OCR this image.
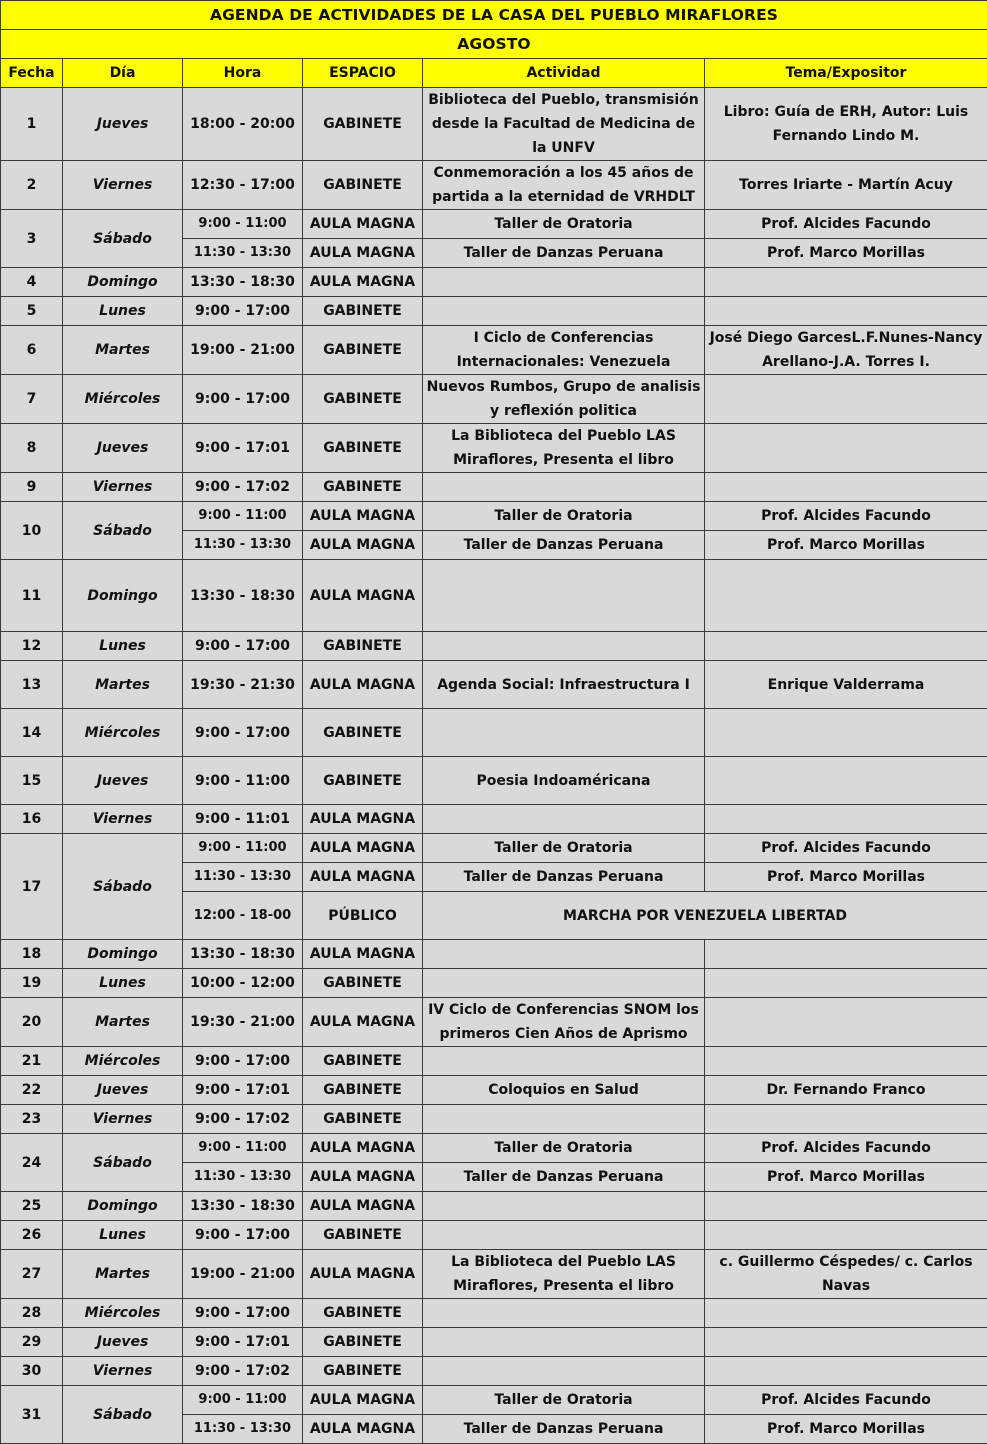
AGENDA DE ACTIVIDADES DE LA CASA DEL PUEBLO MIRAFLORES					
AGOSTO					
Fecha	Día	Hora	ESPACIO	Actividad	Tema/Expositor
1	Jueves	18:00 - 20:00	GABINETE	Biblioteca del Pueblo, transmisión desde la Facultad de Medicina de la UNFV	Libro: Guía de ERH, Autor: Luis Fernando Lindo M.
2	Viernes	12:30 - 17:00	GABINETE	Conmemoración a los 45 años de partida a la eternidad de VRHDLT	Torres Iriarte - Martín Acuy
3	Sábado	9:00 - 11:00	AULA MAGNA	Taller de Oratoria	Prof. Alcides Facundo
		11:30 - 13:30	AULA MAGNA	Taller de Danzas Peruana	Prof. Marco Morillas
4	Domingo	13:30 - 18:30	AULA MAGNA		
5	Lunes	9:00 - 17:00	GABINETE		
6	Martes	19:00 - 21:00	GABINETE	I Ciclo de Conferencias Internacionales: Venezuela	José Diego GarcesL.F.Nunes-Nancy Arellano-J.A. Torres I.
7	Miércoles	9:00 - 17:00	GABINETE	Nuevos Rumbos, Grupo de analisis y reflexión politica	
8	Jueves	9:00 - 17:01	GABINETE	La Biblioteca del Pueblo LAS Miraflores, Presenta el libro	
9	Viernes	9:00 - 17:02	GABINETE		
10	Sábado	9:00 - 11:00	AULA MAGNA	Taller de Oratoria	Prof. Alcides Facundo
		11:30 - 13:30	AULA MAGNA	Taller de Danzas Peruana	Prof. Marco Morillas
11	Domingo	13:30 - 18:30	AULA MAGNA		
12	Lunes	9:00 - 17:00	GABINETE		
13	Martes	19:30 - 21:30	AULA MAGNA	Agenda Social: Infraestructura I	Enrique Valderrama
14	Miércoles	9:00 - 17:00	GABINETE		
15	Jueves	9:00 - 11:00	GABINETE	Poesia Indoaméricana	
16	Viernes	9:00 - 11:01	AULA MAGNA		
17	Sábado	9:00 - 11:00	AULA MAGNA	Taller de Oratoria	Prof. Alcides Facundo
		11:30 - 13:30	AULA MAGNA	Taller de Danzas Peruana	Prof. Marco Morillas
		12:00 - 18-00	PÚBLICO	MARCHA POR VENEZUELA LIBERTAD	
18	Domingo	13:30 - 18:30	AULA MAGNA		
19	Lunes	10:00 - 12:00	GABINETE		
20	Martes	19:30 - 21:00	AULA MAGNA	IV Ciclo de Conferencias SNOM los primeros Cien Años de Aprismo	
21	Miércoles	9:00 - 17:00	GABINETE		
22	Jueves	9:00 - 17:01	GABINETE	Coloquios en Salud	Dr. Fernando Franco
23	Viernes	9:00 - 17:02	GABINETE		
24	Sábado	9:00 - 11:00	AULA MAGNA	Taller de Oratoria	Prof. Alcides Facundo
		11:30 - 13:30	AULA MAGNA	Taller de Danzas Peruana	Prof. Marco Morillas
25	Domingo	13:30 - 18:30	AULA MAGNA		
26	Lunes	9:00 - 17:00	GABINETE		
27	Martes	19:00 - 21:00	AULA MAGNA	La Biblioteca del Pueblo LAS Miraflores, Presenta el libro	c. Guillermo Céspedes/ c. Carlos Navas
28	Miércoles	9:00 - 17:00	GABINETE		
29	Jueves	9:00 - 17:01	GABINETE		
30	Viernes	9:00 - 17:02	GABINETE		
31	Sábado	9:00 - 11:00	AULA MAGNA	Taller de Oratoria	Prof. Alcides Facundo
		11:30 - 13:30	AULA MAGNA	Taller de Danzas Peruana	Prof. Marco Morillas
